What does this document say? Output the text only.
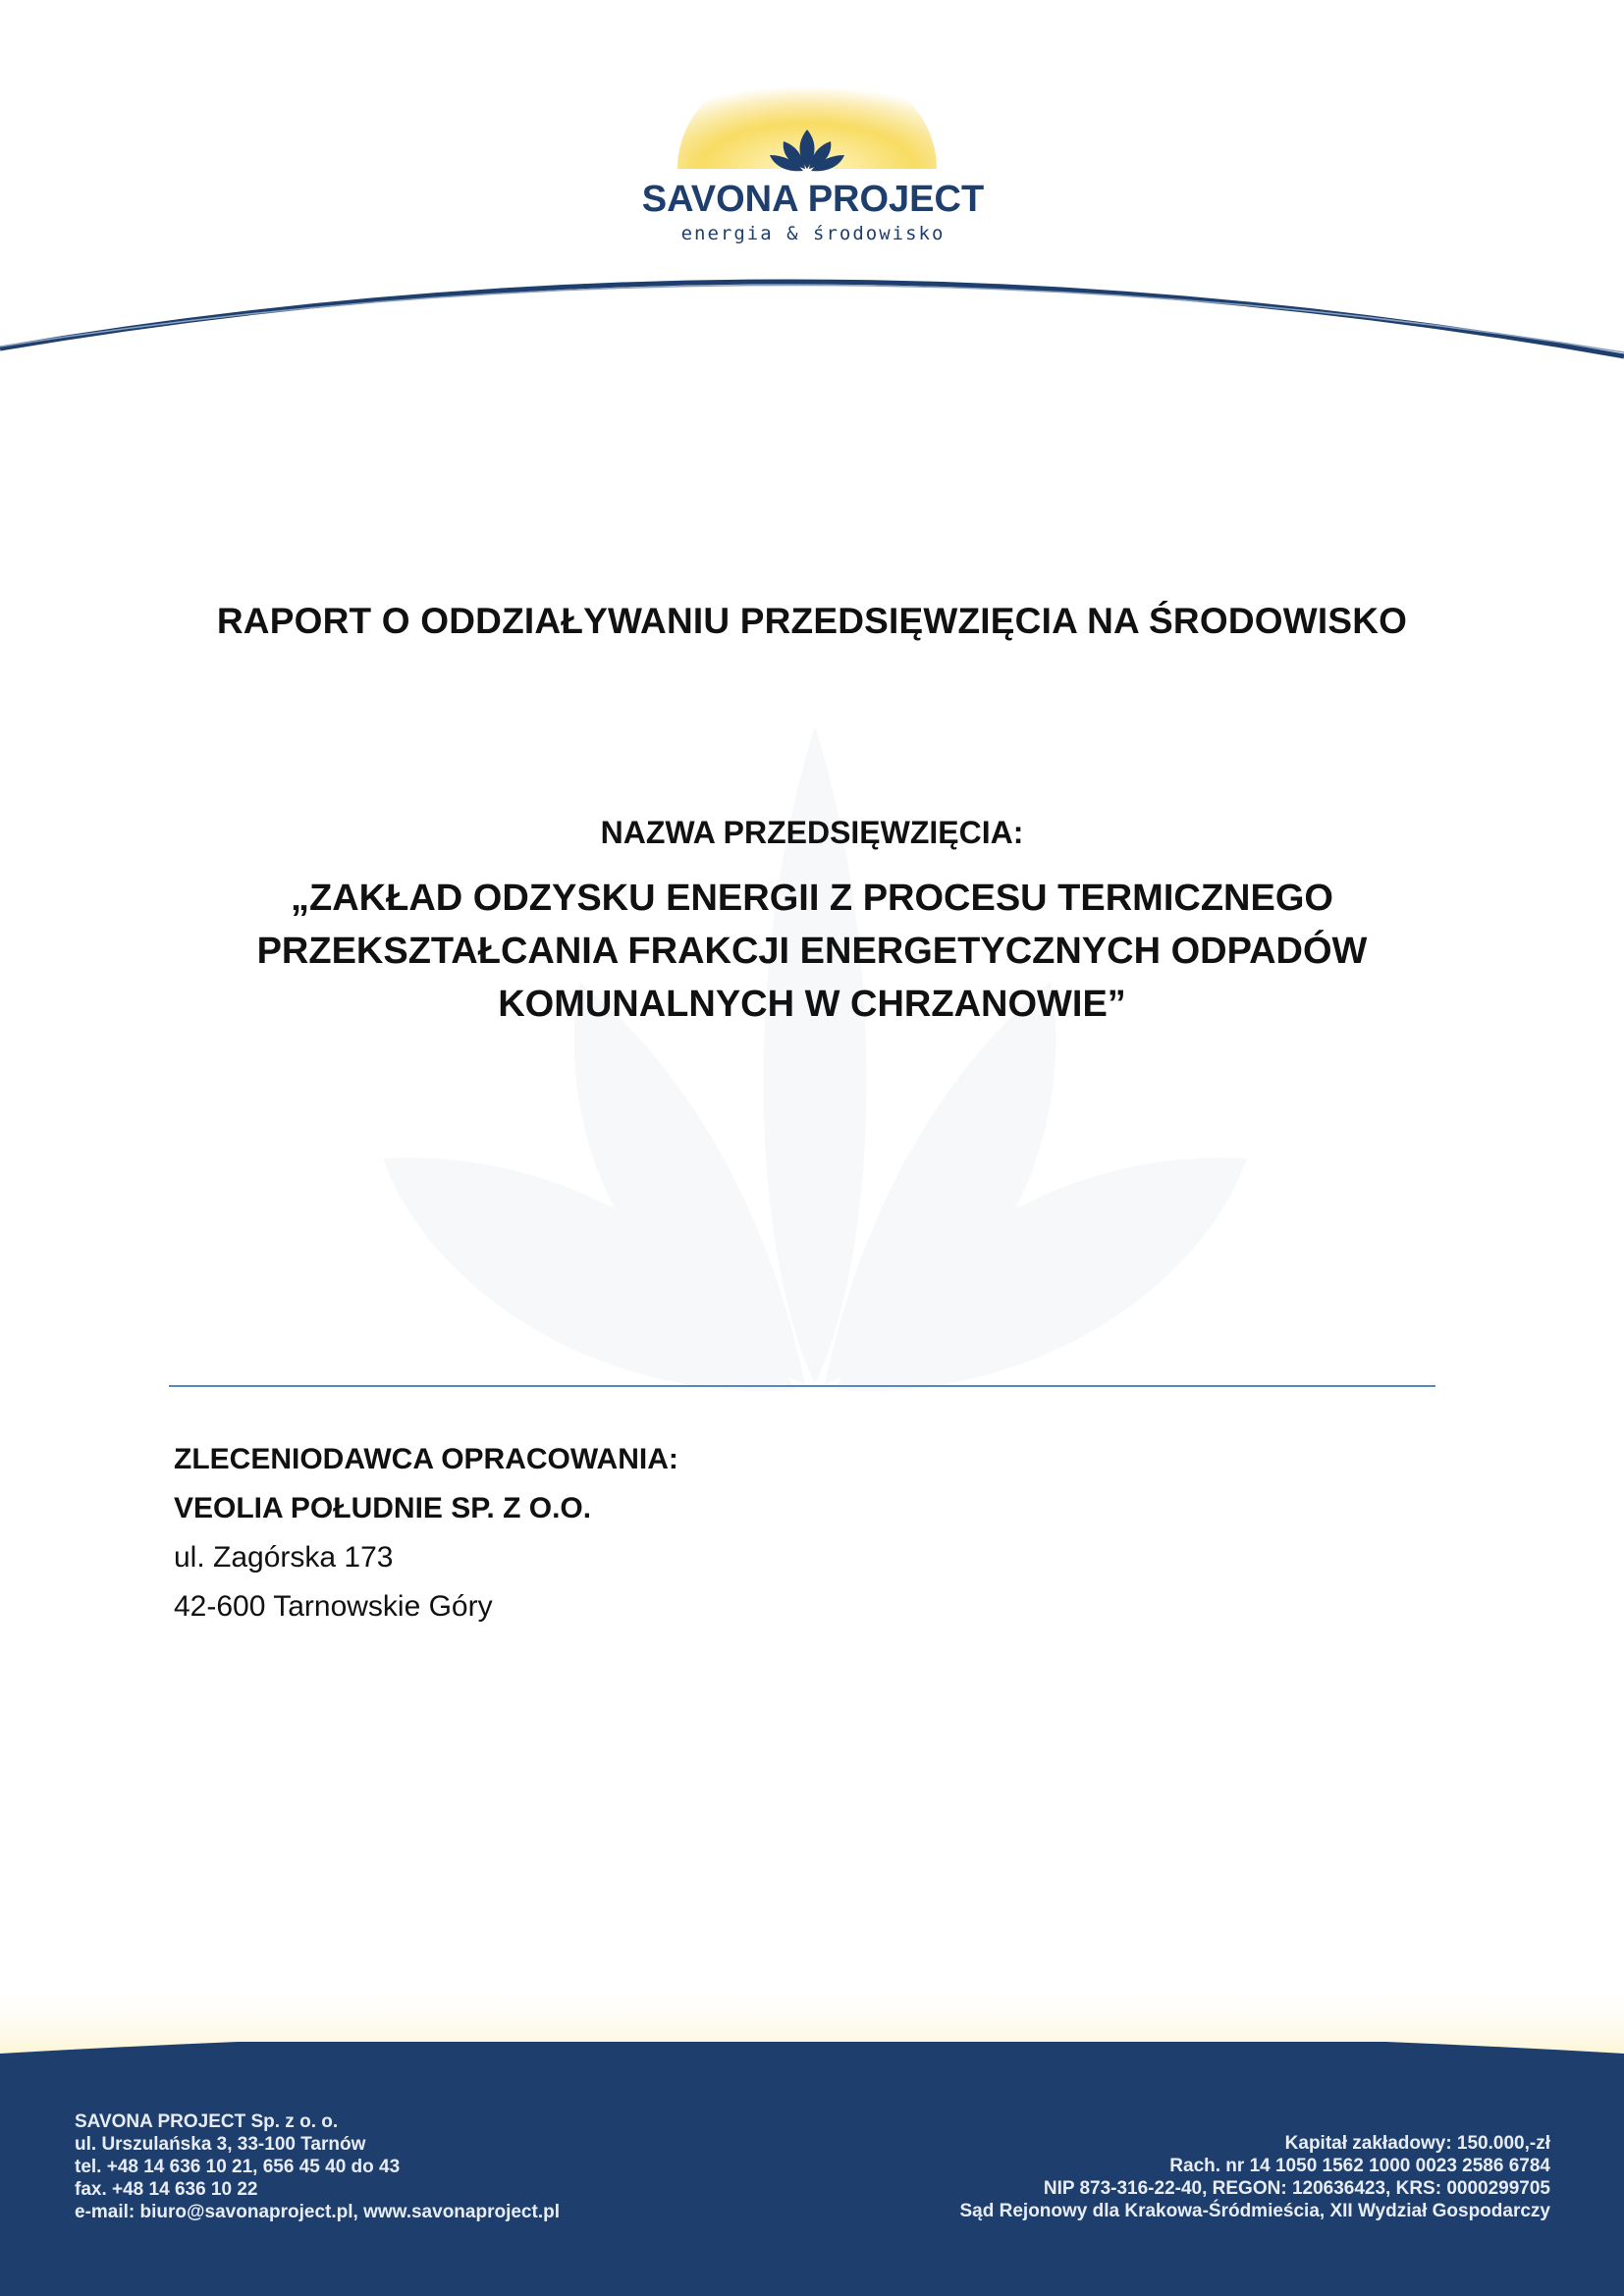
SAVONA PROJECT
energia & środowisko
RAPORT O ODDZIAŁYWANIU PRZEDSIĘWZIĘCIA NA ŚRODOWISKO
NAZWA PRZEDSIĘWZIĘCIA:
„ZAKŁAD ODZYSKU ENERGII Z PROCESU TERMICZNEGO
PRZEKSZTAŁCANIA FRAKCJI ENERGETYCZNYCH ODPADÓW
KOMUNALNYCH W CHRZANOWIE”
ZLECENIODAWCA OPRACOWANIA:
VEOLIA POŁUDNIE SP. Z O.O.
ul. Zagórska 173
42-600 Tarnowskie Góry
SAVONA PROJECT Sp. z o. o.
ul. Urszulańska 3, 33-100 Tarnów
tel. +48 14 636 10 21, 656 45 40 do 43
fax. +48 14 636 10 22
e-mail: biuro@savonaproject.pl, www.savonaproject.pl
Kapitał zakładowy: 150.000,-zł
Rach. nr 14 1050 1562 1000 0023 2586 6784
NIP 873-316-22-40, REGON: 120636423, KRS: 0000299705
Sąd Rejonowy dla Krakowa-Śródmieścia, XII Wydział Gospodarczy
